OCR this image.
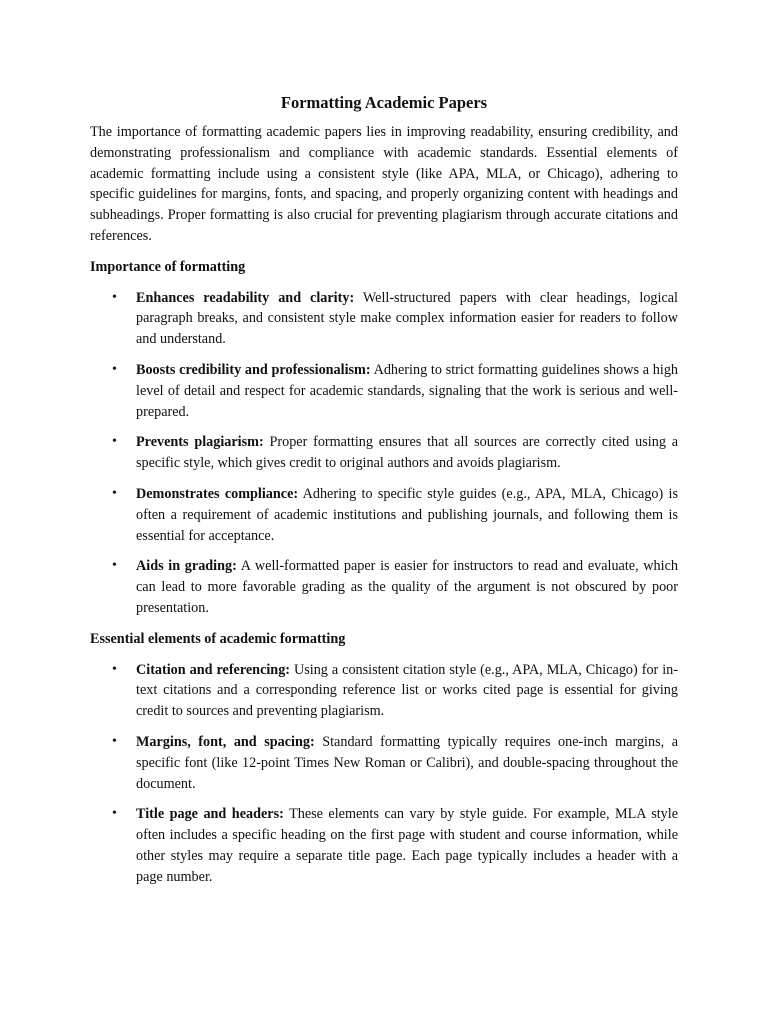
Formatting Academic Papers

The importance of formatting academic papers lies in improving readability, ensuring credibility, and demonstrating professionalism and compliance with academic standards. Essential elements of academic formatting include using a consistent style (like APA, MLA, or Chicago), adhering to specific guidelines for margins, fonts, and spacing, and properly organizing content with headings and subheadings. Proper formatting is also crucial for preventing plagiarism through accurate citations and references.

Importance of formatting
• Enhances readability and clarity: Well-structured papers with clear headings, logical paragraph breaks, and consistent style make complex information easier for readers to follow and understand.
• Boosts credibility and professionalism: Adhering to strict formatting guidelines shows a high level of detail and respect for academic standards, signaling that the work is serious and well-prepared.
• Prevents plagiarism: Proper formatting ensures that all sources are correctly cited using a specific style, which gives credit to original authors and avoids plagiarism.
• Demonstrates compliance: Adhering to specific style guides (e.g., APA, MLA, Chicago) is often a requirement of academic institutions and publishing journals, and following them is essential for acceptance.
• Aids in grading: A well-formatted paper is easier for instructors to read and evaluate, which can lead to more favorable grading as the quality of the argument is not obscured by poor presentation.
Essential elements of academic formatting
• Citation and referencing: Using a consistent citation style (e.g., APA, MLA, Chicago) for in-text citations and a corresponding reference list or works cited page is essential for giving credit to sources and preventing plagiarism.
• Margins, font, and spacing: Standard formatting typically requires one-inch margins, a specific font (like 12-point Times New Roman or Calibri), and double-spacing throughout the document.
• Title page and headers: These elements can vary by style guide. For example, MLA style often includes a specific heading on the first page with student and course information, while other styles may require a separate title page. Each page typically includes a header with a page number.
